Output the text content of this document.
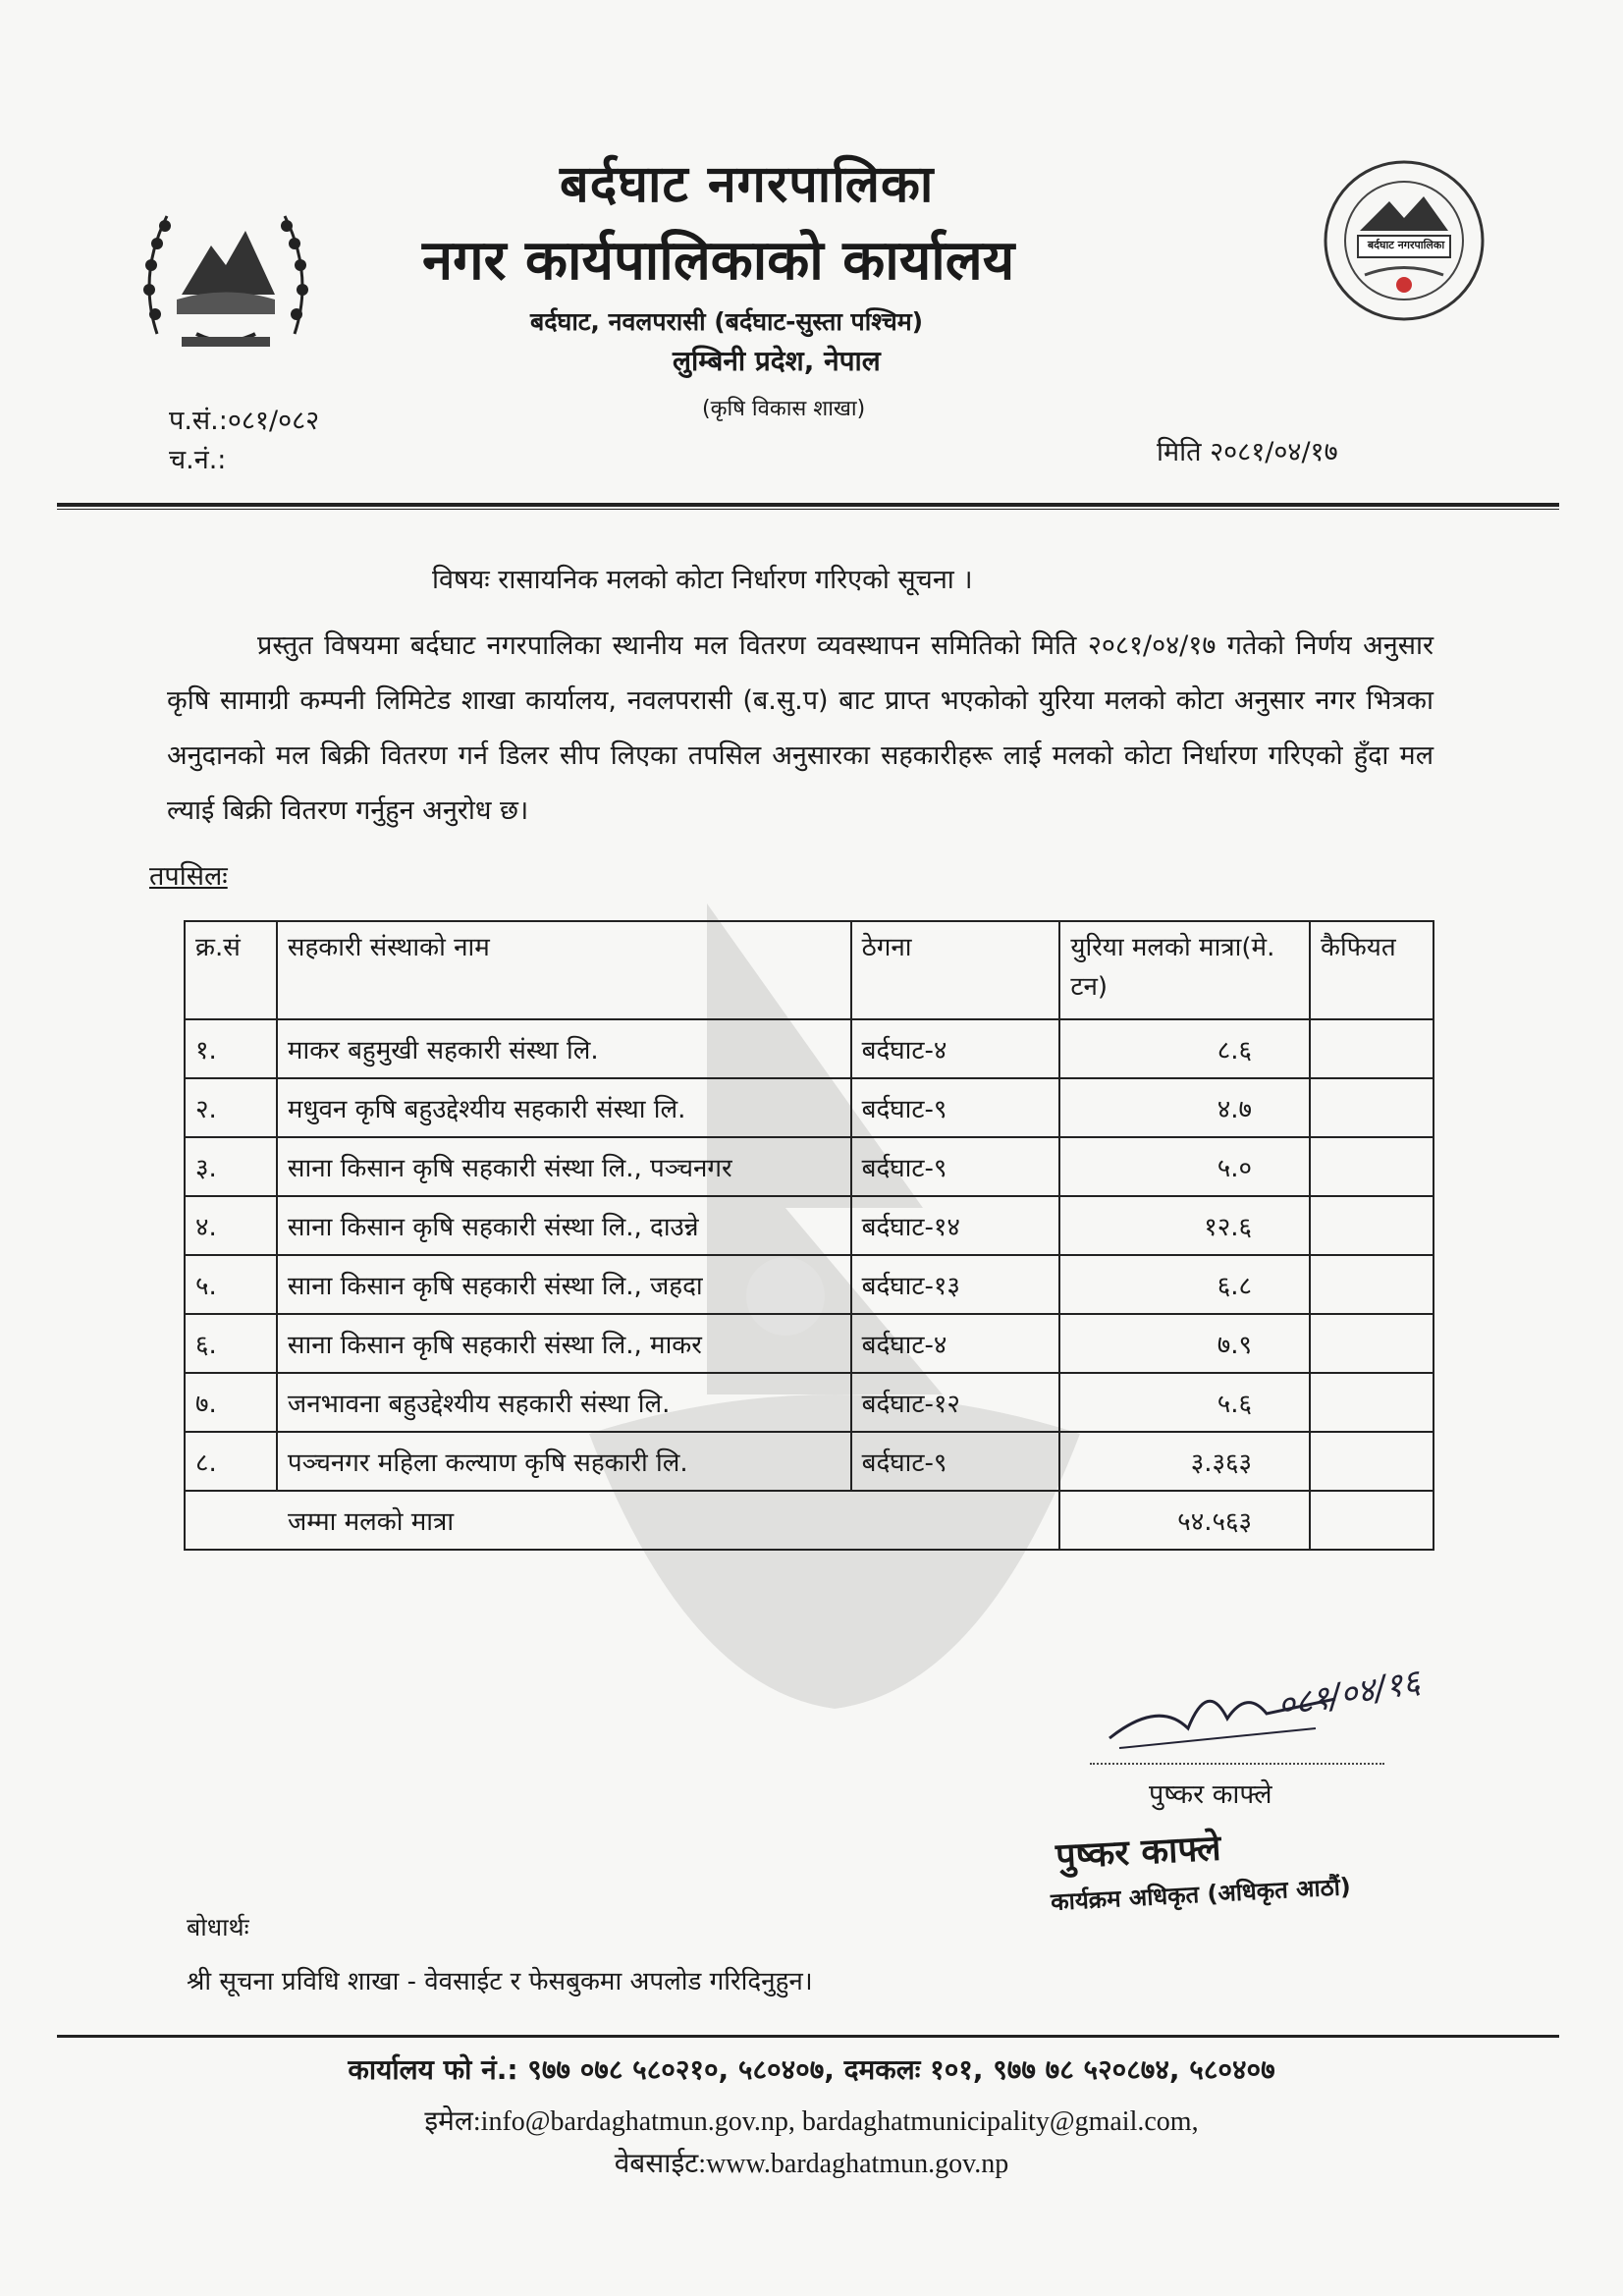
बर्दघाट नगरपालिका
बर्दघाट नगरपालिका
नगर कार्यपालिकाको कार्यालय
बर्दघाट, नवलपरासी (बर्दघाट-सुस्ता पश्चिम)
लुम्बिनी प्रदेश, नेपाल
(कृषि विकास शाखा)
प.सं.:०८१/०८२
च.नं.:	मिति २०८१/०४/१७
विषयः रासायनिक मलको कोटा निर्धारण गरिएको सूचना ।
प्रस्तुत विषयमा बर्दघाट नगरपालिका स्थानीय मल वितरण व्यवस्थापन समितिको मिति २०८१/०४/१७ गतेको निर्णय अनुसार कृषि सामाग्री कम्पनी लिमिटेड शाखा कार्यालय, नवलपरासी (ब.सु.प) बाट प्राप्त भएकोको युरिया मलको कोटा अनुसार नगर भित्रका अनुदानको मल बिक्री वितरण गर्न डिलर सीप लिएका तपसिल अनुसारका सहकारीहरू लाई मलको कोटा निर्धारण गरिएको हुँदा मल ल्याई बिक्री वितरण गर्नुहुन अनुरोध छ।
तपसिलः
क्र.सं	सहकारी संस्थाको नाम	ठेगना	युरिया मलको मात्रा(मे. टन)	कैफियत
१.	माकर बहुमुखी सहकारी संस्था लि.	बर्दघाट-४	८.६	
२.	मधुवन कृषि बहुउद्देश्यीय सहकारी संस्था लि.	बर्दघाट-९	४.७	
३.	साना किसान कृषि सहकारी संस्था लि., पञ्चनगर	बर्दघाट-९	५.०	
४.	साना किसान कृषि सहकारी संस्था लि., दाउन्ने	बर्दघाट-१४	१२.६	
५.	साना किसान कृषि सहकारी संस्था लि., जहदा	बर्दघाट-१३	६.८	
६.	साना किसान कृषि सहकारी संस्था लि., माकर	बर्दघाट-४	७.९	
७.	जनभावना बहुउद्देश्यीय सहकारी संस्था लि.	बर्दघाट-१२	५.६	
८.	पञ्चनगर महिला कल्याण कृषि सहकारी लि.	बर्दघाट-९	३.३६३	
जम्मा मलको मात्रा			५४.५६३	
०८१/०४/१६
पुष्कर काफ्ले
पुष्कर काफ्ले
कार्यक्रम अधिकृत (अधिकृत आठौं)
बोधार्थः
श्री सूचना प्रविधि शाखा - वेवसाईट र फेसबुकमा अपलोड गरिदिनुहुन।
कार्यालय फो नं.: ९७७ ०७८ ५८०२१०, ५८०४०७, दमकलः १०१, ९७७ ७८ ५२०८७४, ५८०४०७
इमेल:info@bardaghatmun.gov.np, bardaghatmunicipality@gmail.com,
वेबसाईट:www.bardaghatmun.gov.np
